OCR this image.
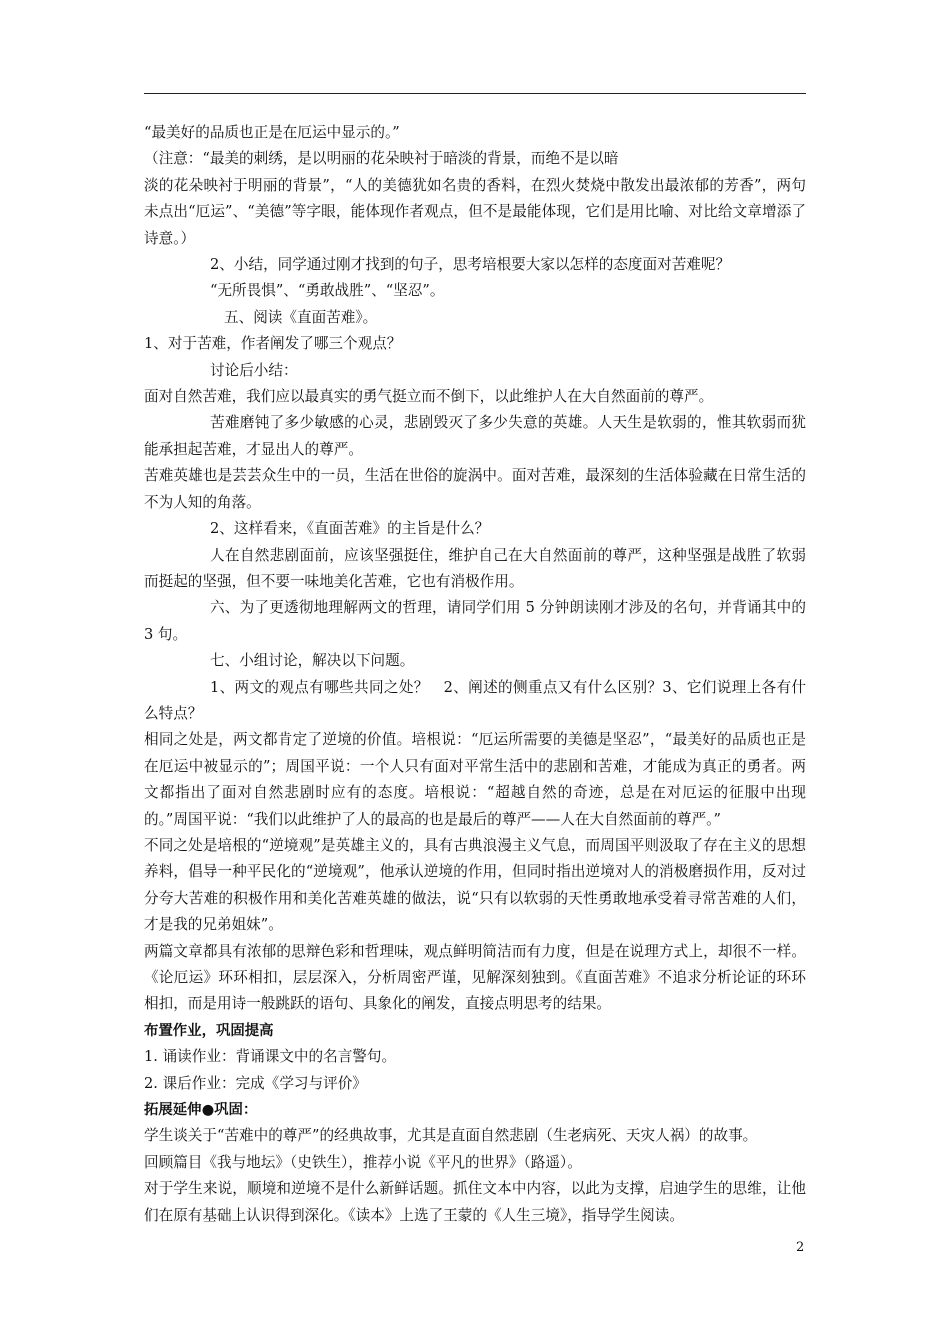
“最美好的品质也正是在厄运中显示的。”

（注意：“最美的刺绣，是以明丽的花朵映衬于暗淡的背景，而绝不是以暗

淡的花朵映衬于明丽的背景”，“人的美德犹如名贵的香料，在烈火焚烧中散发出最浓郁的芳香”，两句未点出“厄运”、“美德”等字眼，能体现作者观点，但不是最能体现，它们是用比喻、对比给文章增添了诗意。）

2、小结，同学通过刚才找到的句子，思考培根要大家以怎样的态度面对苦难呢？

“无所畏惧”、“勇敢战胜”、“坚忍”。

五、阅读《直面苦难》。

1、对于苦难，作者阐发了哪三个观点？

讨论后小结：

面对自然苦难，我们应以最真实的勇气挺立而不倒下，以此维护人在大自然面前的尊严。

苦难磨钝了多少敏感的心灵，悲剧毁灭了多少失意的英雄。人天生是软弱的，惟其软弱而犹能承担起苦难，才显出人的尊严。

苦难英雄也是芸芸众生中的一员，生活在世俗的旋涡中。面对苦难，最深刻的生活体验藏在日常生活的不为人知的角落。

2、这样看来，《直面苦难》的主旨是什么？

人在自然悲剧面前，应该坚强挺住，维护自己在大自然面前的尊严，这种坚强是战胜了软弱而挺起的坚强，但不要一味地美化苦难，它也有消极作用。

六、为了更透彻地理解两文的哲理，请同学们用 5 分钟朗读刚才涉及的名句，并背诵其中的 3 句。

七、小组讨论，解决以下问题。

1、两文的观点有哪些共同之处？　2、阐述的侧重点又有什么区别？3、它们说理上各有什么特点？

相同之处是，两文都肯定了逆境的价值。培根说：“厄运所需要的美德是坚忍”，“最美好的品质也正是在厄运中被显示的”；周国平说：一个人只有面对平常生活中的悲剧和苦难，才能成为真正的勇者。两文都指出了面对自然悲剧时应有的态度。培根说：“超越自然的奇迹，总是在对厄运的征服中出现的。”周国平说：“我们以此维护了人的最高的也是最后的尊严——人在大自然面前的尊严。”

不同之处是培根的“逆境观”是英雄主义的，具有古典浪漫主义气息，而周国平则汲取了存在主义的思想养料，倡导一种平民化的“逆境观”，他承认逆境的作用，但同时指出逆境对人的消极磨损作用，反对过分夸大苦难的积极作用和美化苦难英雄的做法，说“只有以软弱的天性勇敢地承受着寻常苦难的人们，才是我的兄弟姐妹”。

两篇文章都具有浓郁的思辩色彩和哲理味，观点鲜明简洁而有力度，但是在说理方式上，却很不一样。《论厄运》环环相扣，层层深入，分析周密严谨，见解深刻独到。《直面苦难》不追求分析论证的环环相扣，而是用诗一般跳跃的语句、具象化的阐发，直接点明思考的结果。

布置作业，巩固提高

1. 诵读作业：背诵课文中的名言警句。

2. 课后作业：完成《学习与评价》

拓展延伸●巩固：

学生谈关于“苦难中的尊严”的经典故事，尤其是直面自然悲剧（生老病死、天灾人祸）的故事。

回顾篇目《我与地坛》（史铁生），推荐小说《平凡的世界》（路遥）。

对于学生来说，顺境和逆境不是什么新鲜话题。抓住文本中内容，以此为支撑，启迪学生的思维，让他们在原有基础上认识得到深化。《读本》上选了王蒙的《人生三境》，指导学生阅读。

2
